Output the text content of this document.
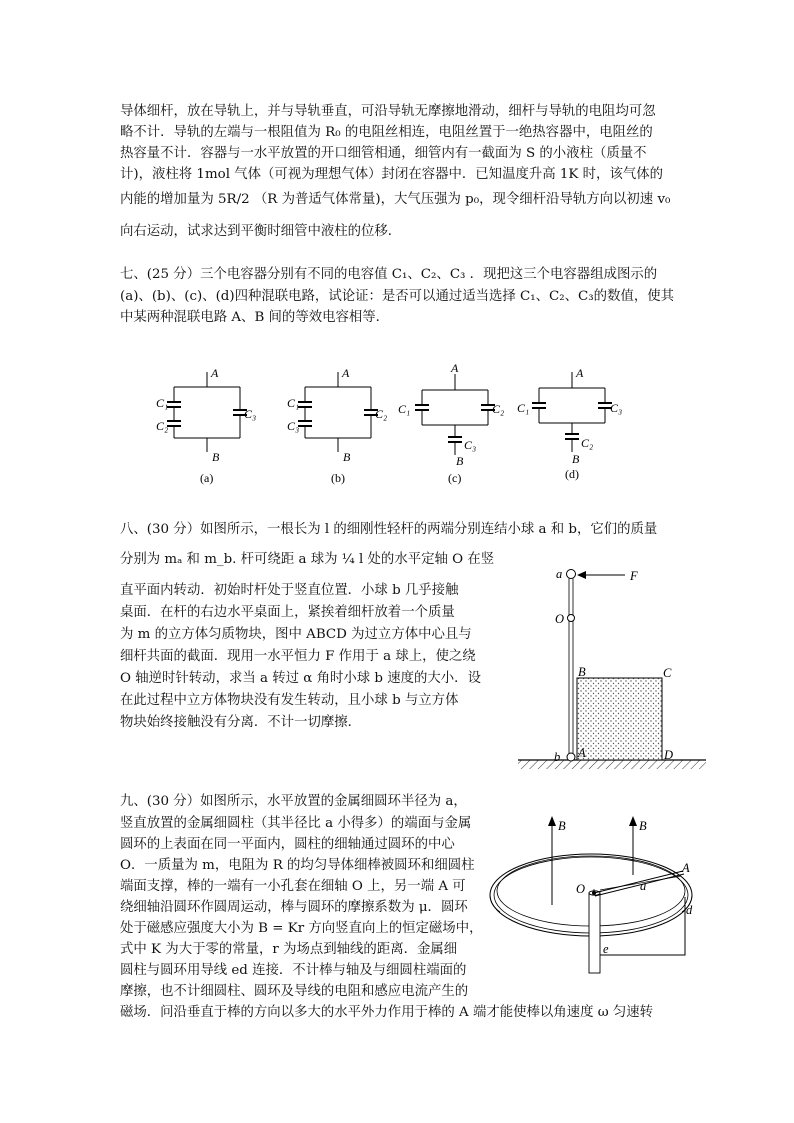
导体细杆，放在导轨上，并与导轨垂直，可沿导轨无摩擦地滑动，细杆与导轨的电阻均可忽
略不计．导轨的左端与一根阻值为 R₀ 的电阻丝相连，电阻丝置于一绝热容器中，电阻丝的
热容量不计．容器与一水平放置的开口细管相通，细管内有一截面为 S 的小液柱（质量不
计)，液柱将 1mol 气体（可视为理想气体）封闭在容器中．已知温度升高 1K 时，该气体的
内能的增加量为 5R/2 （R 为普适气体常量)，大气压强为 p₀，现令细杆沿导轨方向以初速 v₀
向右运动，试求达到平衡时细管中液柱的位移．
七、(25 分）三个电容器分别有不同的电容值 C₁、C₂、C₃ ．现把这三个电容器组成图示的
(a)、(b)、(c)、(d)四种混联电路，试论证：是否可以通过适当选择 C₁、C₂、C₃的数值，使其
中某两种混联电路 A、B 间的等效电容相等．
A
B
C₁
C₂
C₃
(a)
A
B
C₁
C₃
C₂
(b)
A
B
C₁	C₂
C₃
(c)
A
B
C₁	C₃
C₂
(d)
八、(30 分）如图所示，一根长为 l 的细刚性轻杆的两端分别连结小球 a 和 b，它们的质量
分别为 mₐ 和 m_b. 杆可绕距 a 球为 ¼ l 处的水平定轴 O 在竖
直平面内转动．初始时杆处于竖直位置．小球 b 几乎接触
桌面．在杆的右边水平桌面上，紧挨着细杆放着一个质量
为 m 的立方体匀质物块，图中 ABCD 为过立方体中心且与
细杆共面的截面．现用一水平恒力 F 作用于 a 球上，使之绕
O 轴逆时针转动，求当 a 转过 α 角时小球 b 速度的大小．设
在此过程中立方体物块没有发生转动，且小球 b 与立方体
物块始终接触没有分离．不计一切摩擦．
a	F
O
B	C
b A	D
九、(30 分）如图所示，水平放置的金属细圆环半径为 a，
竖直放置的金属细圆柱（其半径比 a 小得多）的端面与金属
圆环的上表面在同一平面内，圆柱的细轴通过圆环的中心
O．一质量为 m，电阻为 R 的均匀导体细棒被圆环和细圆柱
端面支撑，棒的一端有一小孔套在细轴 O 上，另一端 A 可
绕细轴沿圆环作圆周运动，棒与圆环的摩擦系数为 μ．圆环
处于磁感应强度大小为 B = Kr 方向竖直向上的恒定磁场中，
式中 K 为大于零的常量，r 为场点到轴线的距离．金属细
圆柱与圆环用导线 ed 连接．不计棒与轴及与细圆柱端面的
摩擦，也不计细圆柱、圆环及导线的电阻和感应电流产生的
磁场．问沿垂直于棒的方向以多大的水平外力作用于棒的 A 端才能使棒以角速度 ω 匀速转
B	B
O
A
a
d
e
